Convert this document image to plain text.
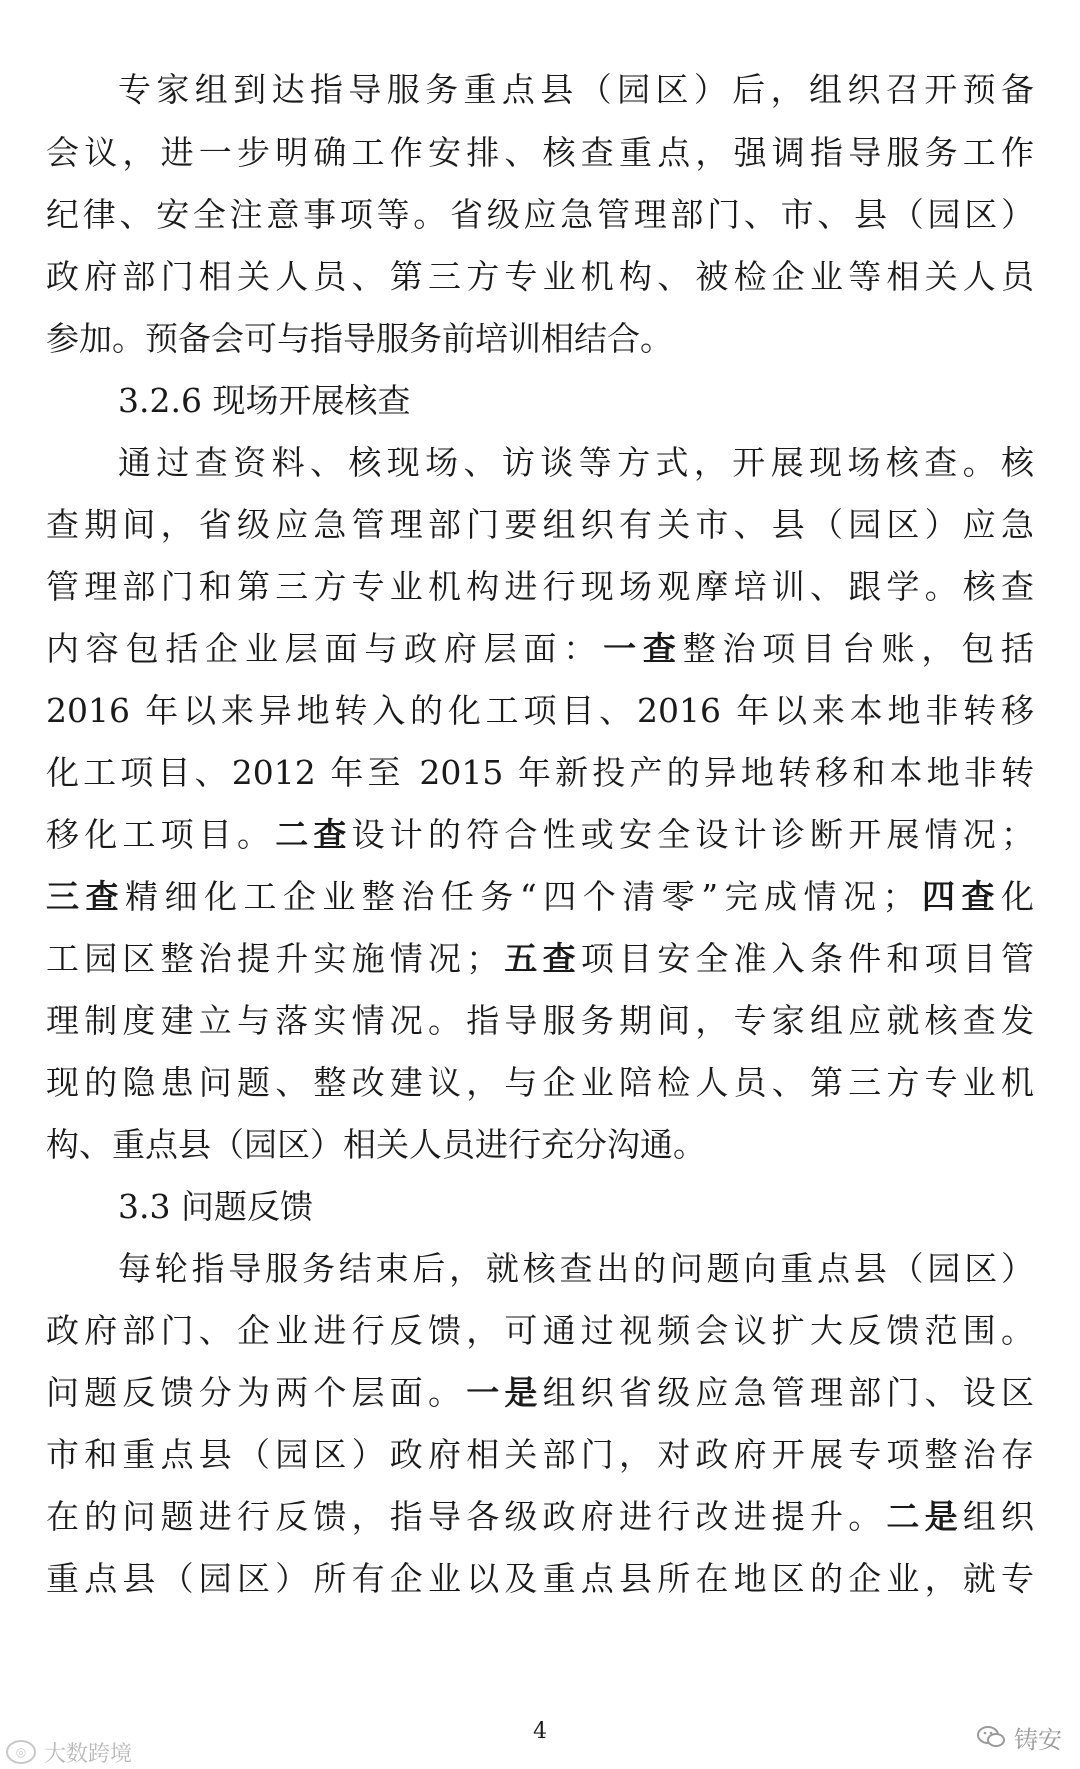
专家组到达指导服务重点县（园区）后，组织召开预备
会议，进一步明确工作安排、核查重点，强调指导服务工作
纪律、安全注意事项等。省级应急管理部门、市、县（园区）
政府部门相关人员、第三方专业机构、被检企业等相关人员
参加。预备会可与指导服务前培训相结合。
3.2.6 现场开展核查
通过查资料、核现场、访谈等方式，开展现场核查。核
查期间，省级应急管理部门要组织有关市、县（园区）应急
管理部门和第三方专业机构进行现场观摩培训、跟学。核查
内容包括企业层面与政府层面：一查整治项目台账，包括
2016 年以来异地转入的化工项目、2016 年以来本地非转移
化工项目、2012 年至 2015 年新投产的异地转移和本地非转
移化工项目。二查设计的符合性或安全设计诊断开展情况；
三查精细化工企业整治任务“四个清零”完成情况；四查化
工园区整治提升实施情况；五查项目安全准入条件和项目管
理制度建立与落实情况。指导服务期间，专家组应就核查发
现的隐患问题、整改建议，与企业陪检人员、第三方专业机
构、重点县（园区）相关人员进行充分沟通。
3.3 问题反馈
每轮指导服务结束后，就核查出的问题向重点县（园区）
政府部门、企业进行反馈，可通过视频会议扩大反馈范围。
问题反馈分为两个层面。一是组织省级应急管理部门、设区
市和重点县（园区）政府相关部门，对政府开展专项整治存
在的问题进行反馈，指导各级政府进行改进提升。二是组织
重点县（园区）所有企业以及重点县所在地区的企业，就专
4
◎ 大数跨境
铸安
